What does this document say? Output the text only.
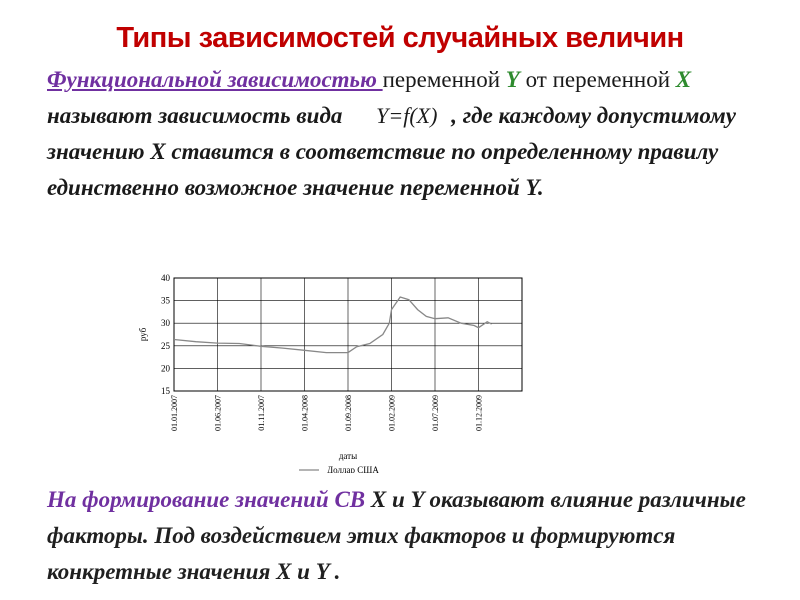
Типы зависимостей случайных величин
Функциональной зависимостью переменной Y от переменной X называют зависимость вида Y=f(X) , где каждому допустимому значению X ставится в соответствие по определенному правилу единственно возможное значение переменной Y.
15
20
25
30
35
40
01.01.2007	01.06.2007	01.11.2007	01.04.2008	01.09.2008	01.02.2009	01.07.2009	01.12.2009
руб
даты
Доллар США
На формирование значений СВ X и Y оказывают влияние различные факторы. Под воздействием этих факторов и формируются конкретные значения X и Y .
